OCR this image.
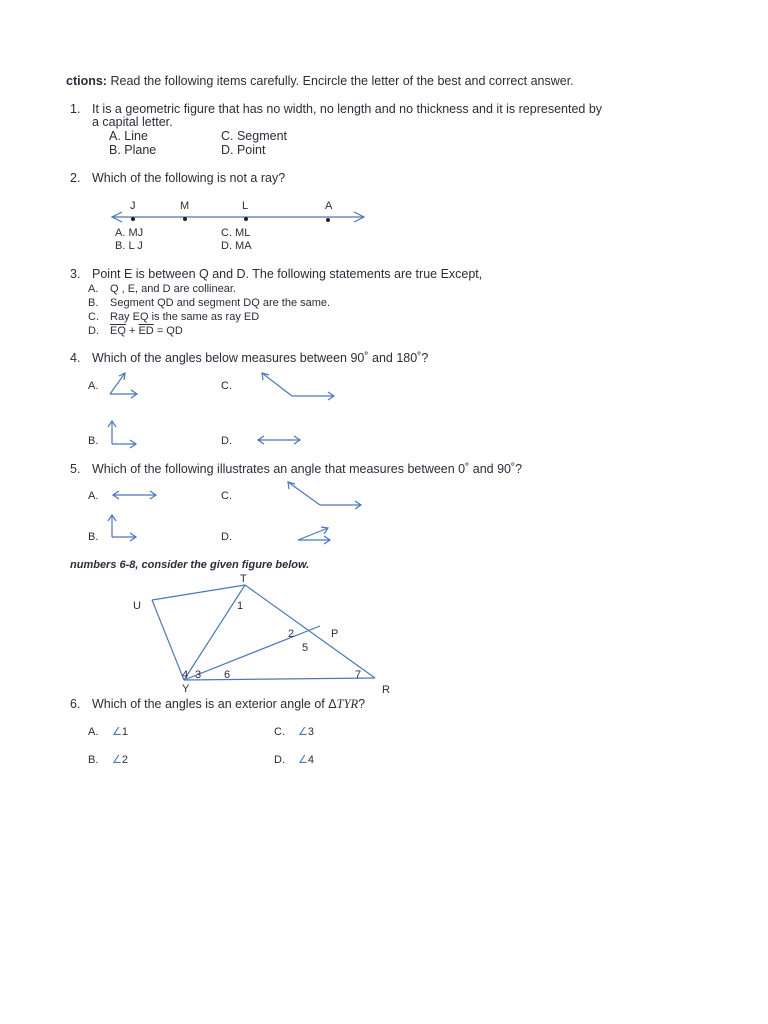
ctions: Read the following items carefully. Encircle the letter of the best and correct answer.
1. It is a geometric figure that has no width, no length and no thickness and it is represented by
a capital letter.
A. Line
B. Plane
C. Segment
D. Point
2. Which of the following is not a ray?
J	M	L	A
A. MJ
B. L J
C. ML
D. MA
3. Point E is between Q and D. The following statements are true Except,
A. Q , E, and D are collinear.
B. Segment QD and segment DQ are the same.
C. Ray EQ is the same as ray ED
D. $\overline{EQ} + \overline{ED}$ = QD
4. Which of the angles below measures between 90˚ and 180˚?
A.	C.
B.	D.
5. Which of the following illustrates an angle that measures between 0˚ and 90˚?
A.	C.
B.	D.
numbers 6-8, consider the given figure below.
T
U
P
Y	R
1
2
3
4
5
6	7
6. Which of the angles is an exterior angle of ΔTYR?
A. ∠1
B. ∠2
C. ∠3
D. ∠4
